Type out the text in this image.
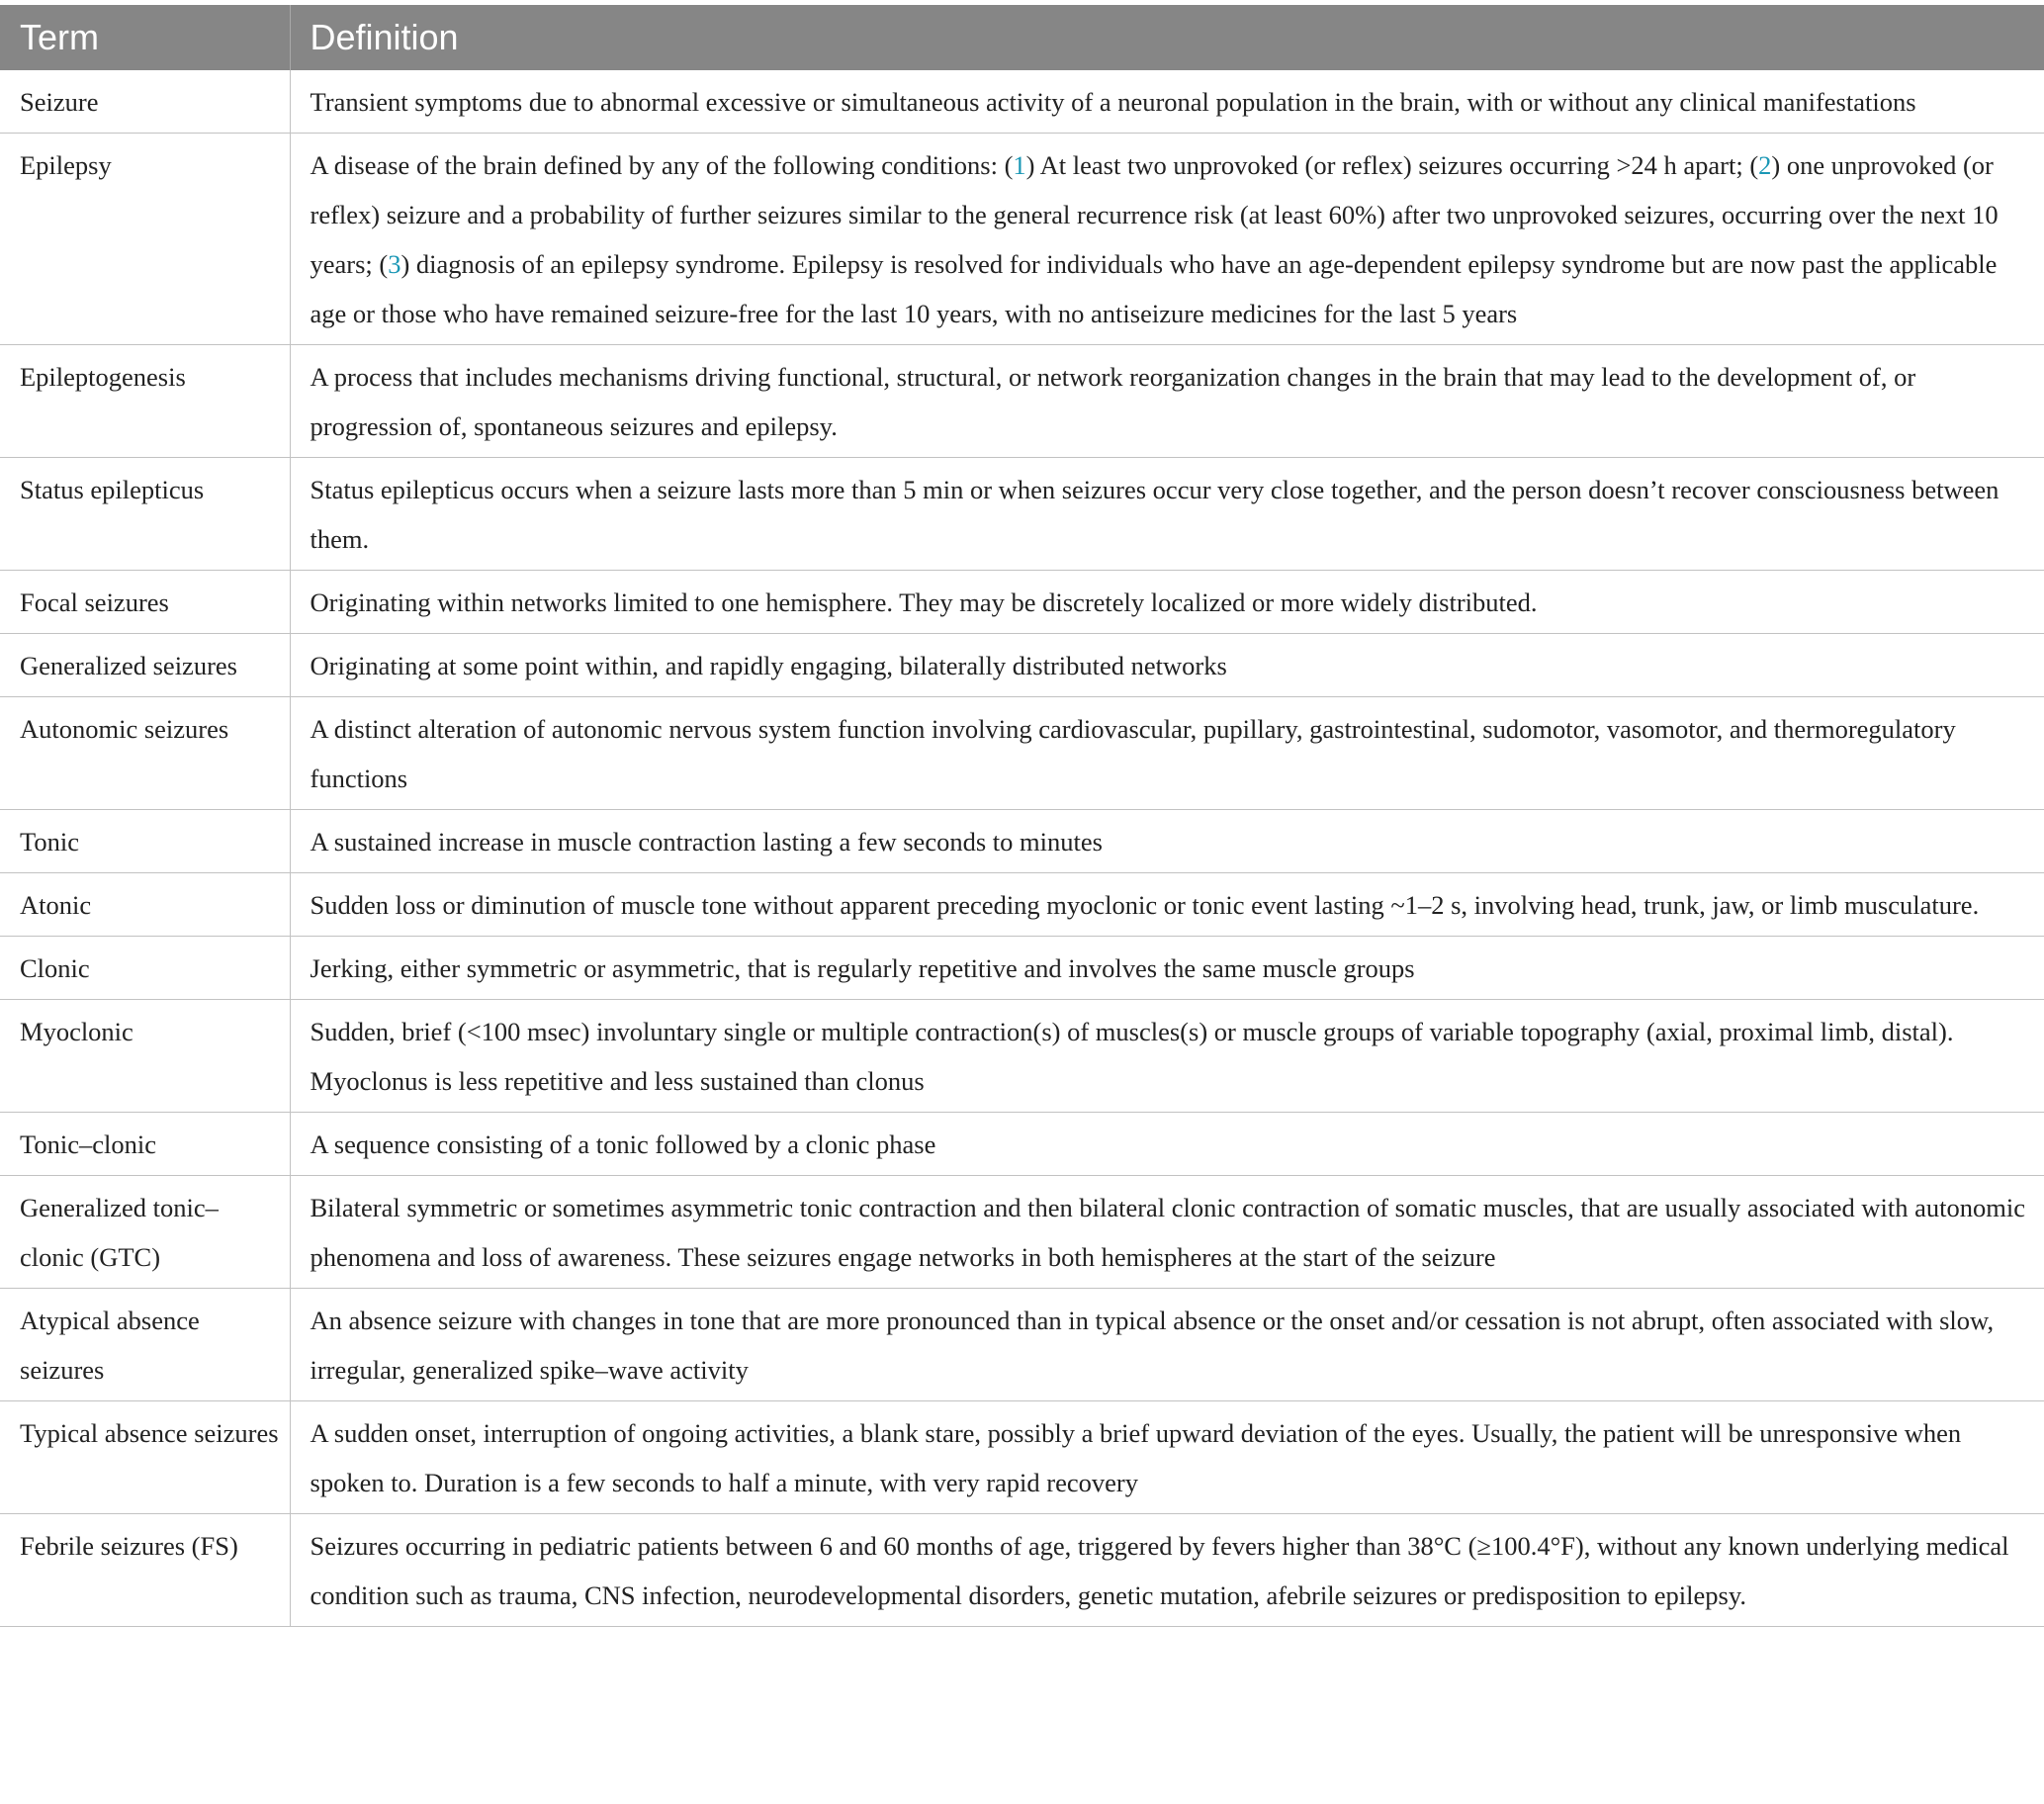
Term	Definition
Seizure	Transient symptoms due to abnormal excessive or simultaneous activity of a neuronal population in the brain, with or without any clinical manifestations
Epilepsy	A disease of the brain defined by any of the following conditions: (1) At least two unprovoked (or reflex) seizures occurring >24 h apart; (2) one unprovoked (or reflex) seizure and a probability of further seizures similar to the general recurrence risk (at least 60%) after two unprovoked seizures, occurring over the next 10 years; (3) diagnosis of an epilepsy syndrome. Epilepsy is resolved for individuals who have an age-dependent epilepsy syndrome but are now past the applicable age or those who have remained seizure-free for the last 10 years, with no antiseizure medicines for the last 5 years
Epileptogenesis	A process that includes mechanisms driving functional, structural, or network reorganization changes in the brain that may lead to the development of, or progression of, spontaneous seizures and epilepsy.
Status epilepticus	Status epilepticus occurs when a seizure lasts more than 5 min or when seizures occur very close together, and the person doesn’t recover consciousness between them.
Focal seizures	Originating within networks limited to one hemisphere. They may be discretely localized or more widely distributed.
Generalized seizures	Originating at some point within, and rapidly engaging, bilaterally distributed networks
Autonomic seizures	A distinct alteration of autonomic nervous system function involving cardiovascular, pupillary, gastrointestinal, sudomotor, vasomotor, and thermoregulatory functions
Tonic	A sustained increase in muscle contraction lasting a few seconds to minutes
Atonic	Sudden loss or diminution of muscle tone without apparent preceding myoclonic or tonic event lasting ~1–2 s, involving head, trunk, jaw, or limb musculature.
Clonic	Jerking, either symmetric or asymmetric, that is regularly repetitive and involves the same muscle groups
Myoclonic	Sudden, brief (<100 msec) involuntary single or multiple contraction(s) of muscles(s) or muscle groups of variable topography (axial, proximal limb, distal). Myoclonus is less repetitive and less sustained than clonus
Tonic–clonic	A sequence consisting of a tonic followed by a clonic phase
Generalized tonic–clonic (GTC)	Bilateral symmetric or sometimes asymmetric tonic contraction and then bilateral clonic contraction of somatic muscles, that are usually associated with autonomic phenomena and loss of awareness. These seizures engage networks in both hemispheres at the start of the seizure
Atypical absence seizures	An absence seizure with changes in tone that are more pronounced than in typical absence or the onset and/or cessation is not abrupt, often associated with slow, irregular, generalized spike–wave activity
Typical absence seizures	A sudden onset, interruption of ongoing activities, a blank stare, possibly a brief upward deviation of the eyes. Usually, the patient will be unresponsive when spoken to. Duration is a few seconds to half a minute, with very rapid recovery
Febrile seizures (FS)	Seizures occurring in pediatric patients between 6 and 60 months of age, triggered by fevers higher than 38°C (≥100.4°F), without any known underlying medical condition such as trauma, CNS infection, neurodevelopmental disorders, genetic mutation, afebrile seizures or predisposition to epilepsy.
